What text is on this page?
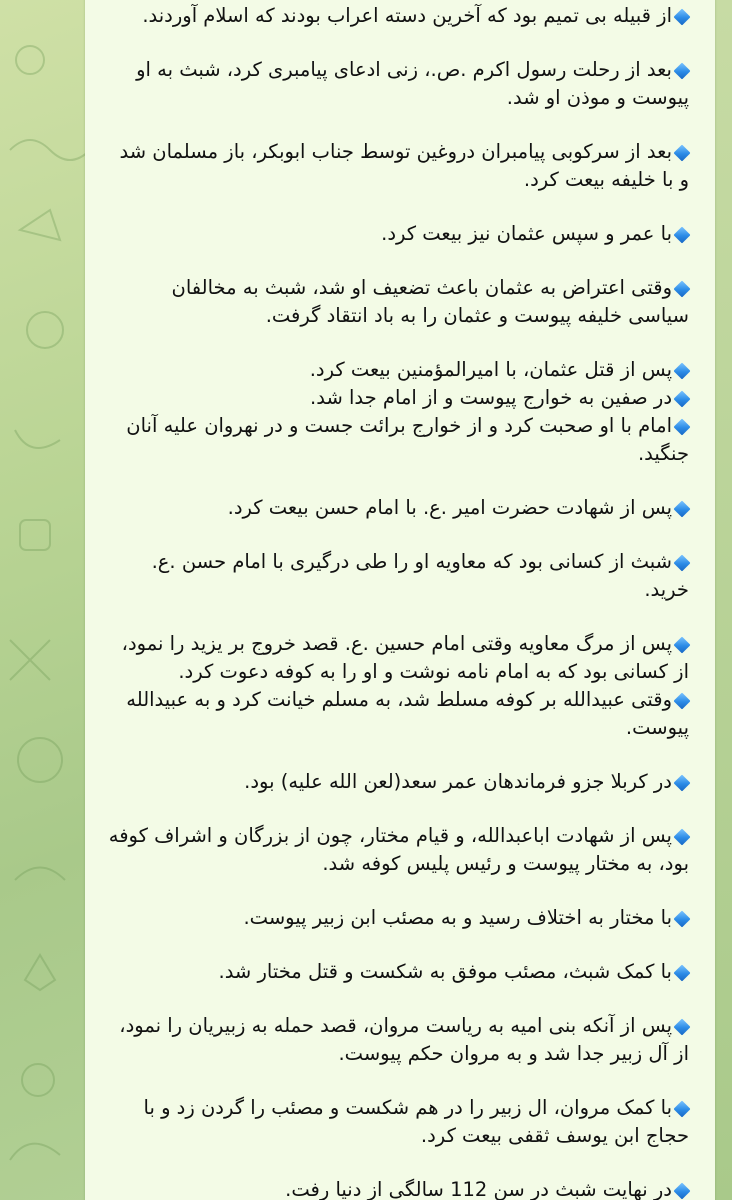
از قبیله بی تمیم بود که آخرین دسته اعراب بودند که اسلام آوردند.
بعد از رحلت رسول اکرم .ص.، زنی ادعای پیامبری کرد، شبث به او پیوست و موذن او شد.
بعد از سرکوبی پیامبران دروغین توسط جناب ابوبکر، باز مسلمان شد و با خلیفه بیعت کرد.
با عمر و سپس عثمان نیز بیعت کرد.
وقتی اعتراض به عثمان باعث تضعیف او شد، شبث به مخالفان سیاسی خلیفه پیوست و عثمان را به باد انتقاد گرفت.
پس از قتل عثمان، با امیرالمؤمنین بیعت کرد.
در صفین به خوارج پیوست و از امام جدا شد.
امام با او صحبت کرد و از خوارج برائت جست و در نهروان علیه آنان جنگید.
پس از شهادت حضرت امیر .ع. با امام حسن بیعت کرد.
شبث از کسانی بود که معاویه او را طی درگیری با امام حسن .ع. خرید.
پس از مرگ معاویه وقتی امام حسین .ع. قصد خروج بر یزید را نمود، از کسانی بود که به امام نامه نوشت و او را به کوفه دعوت کرد.
وقتی عبیدالله بر کوفه مسلط شد، به مسلم خیانت کرد و به عبیدالله پیوست.
در کربلا جزو فرماندهان عمر سعد(لعن الله علیه) بود.
پس از شهادت اباعبدالله، و قیام مختار، چون از بزرگان و اشراف کوفه بود، به مختار پیوست و رئیس پلیس کوفه شد.
با مختار به اختلاف رسید و به مصئب ابن زبیر پیوست.
با کمک شبث، مصئب موفق به شکست و قتل مختار شد.
پس از آنکه بنی امیه به ریاست مروان، قصد حمله به زبیریان را نمود، از آل زبیر جدا شد و به مروان حکم پیوست.
با کمک مروان، ال زبیر را در هم شکست و مصئب را گردن زد و با حجاج ابن یوسف ثقفی بیعت کرد.
در نهایت شبث در سن 112 سالگی از دنیا رفت.
